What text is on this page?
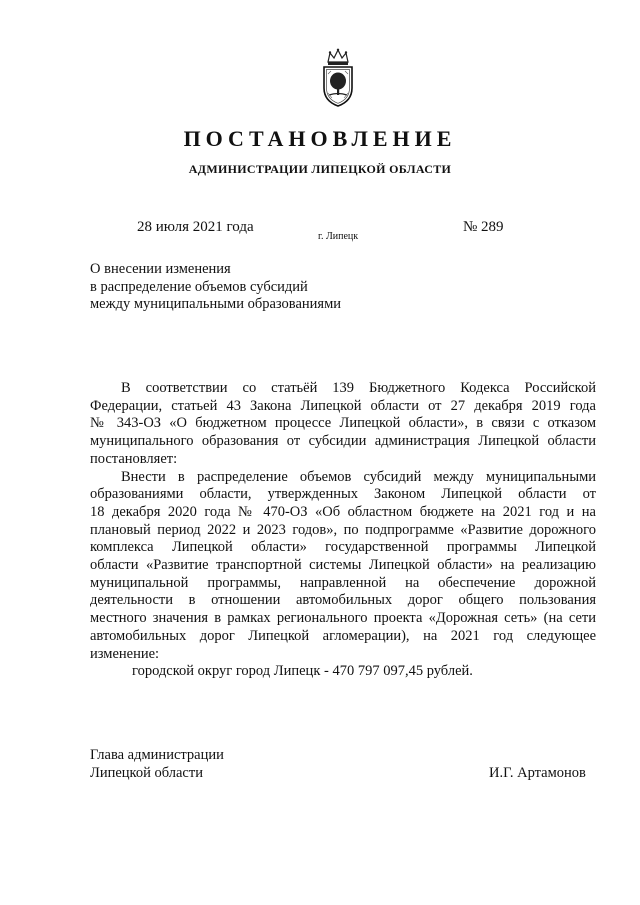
ПОСТАНОВЛЕНИЕ
АДМИНИСТРАЦИИ ЛИПЕЦКОЙ ОБЛАСТИ
28 июля 2021 года
г. Липецк
№ 289
О внесении изменения
в распределение объемов субсидий
между муниципальными образованиями
В соответствии со статьёй 139 Бюджетного Кодекса Российской
Федерации, статьей 43 Закона Липецкой области от 27 декабря 2019 года
№ 343-ОЗ «О бюджетном процессе Липецкой области», в связи с отказом
муниципального образования от субсидии администрация Липецкой области
постановляет:
Внести в распределение объемов субсидий между муниципальными
образованиями области, утвержденных Законом Липецкой области от
18 декабря 2020 года № 470-ОЗ «Об областном бюджете на 2021 год и на
плановый период 2022 и 2023 годов», по подпрограмме «Развитие дорожного
комплекса Липецкой области» государственной программы Липецкой
области «Развитие транспортной системы Липецкой области» на реализацию
муниципальной программы, направленной на обеспечение дорожной
деятельности в отношении автомобильных дорог общего пользования
местного значения в рамках регионального проекта «Дорожная сеть» (на сети
автомобильных дорог Липецкой агломерации), на 2021 год следующее
изменение:
городской округ город Липецк - 470 797 097,45 рублей.
Глава администрации
Липецкой области	И.Г. Артамонов
